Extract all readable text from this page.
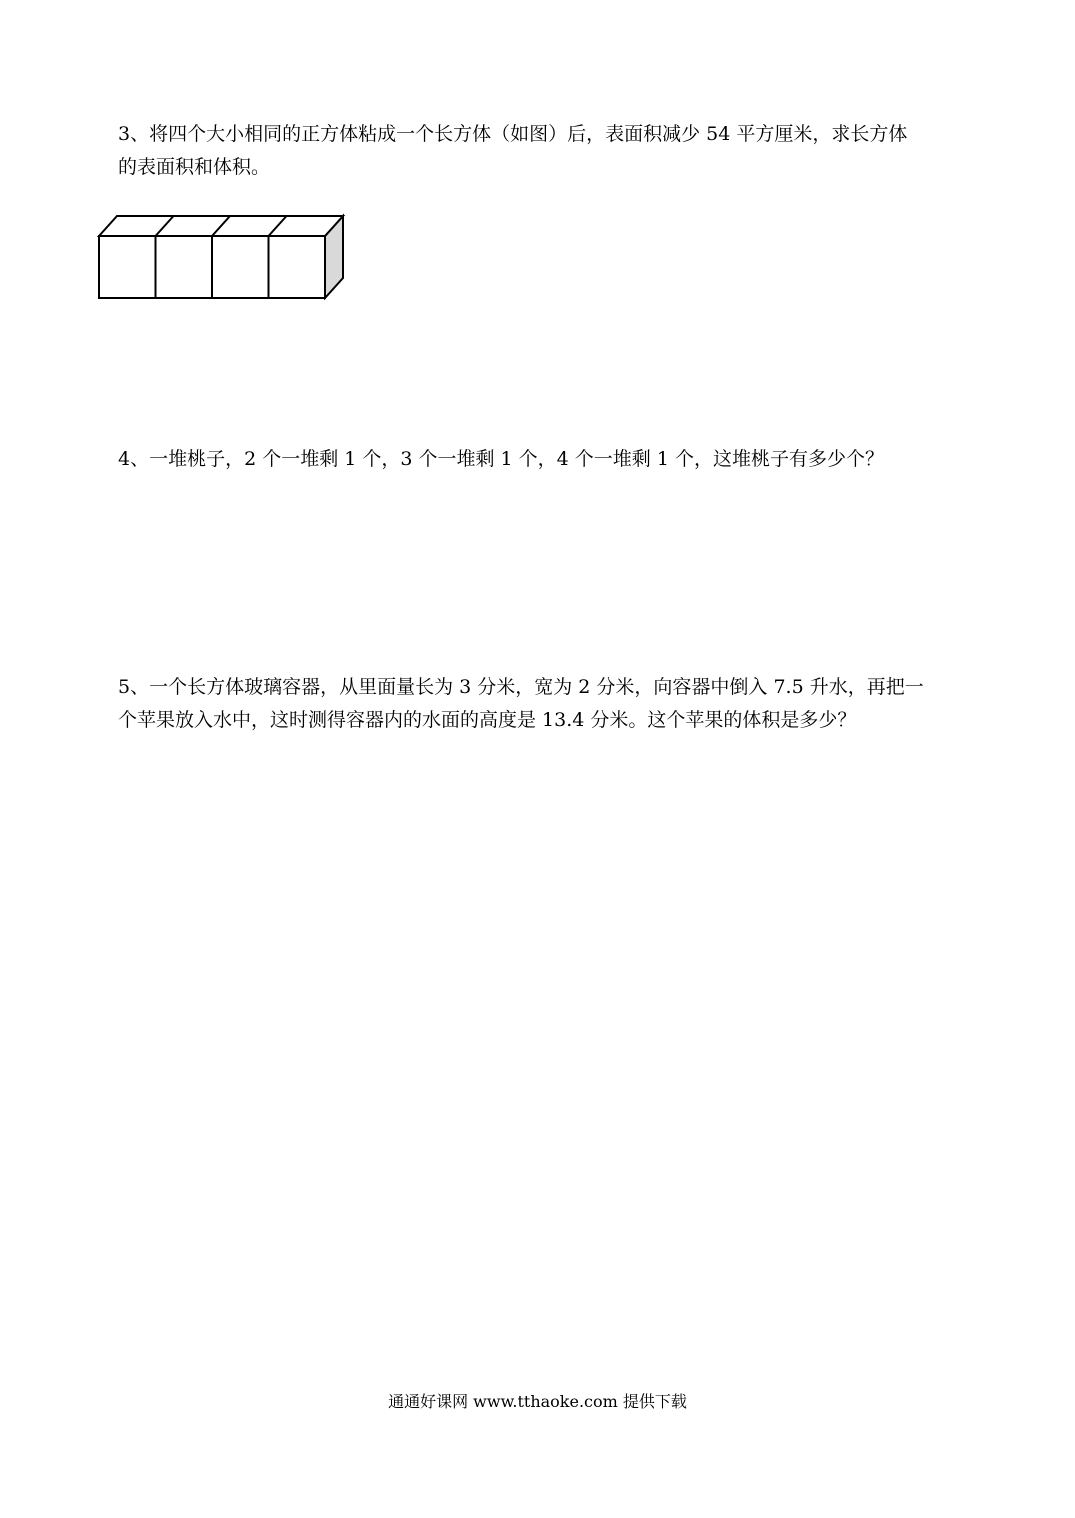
3、将四个大小相同的正方体粘成一个长方体（如图）后，表面积减少 54 平方厘米，求长方体
的表面积和体积。
4、一堆桃子，2 个一堆剩 1 个，3 个一堆剩 1 个，4 个一堆剩 1 个，这堆桃子有多少个？
5、一个长方体玻璃容器，从里面量长为 3 分米，宽为 2 分米，向容器中倒入 7.5 升水，再把一
个苹果放入水中，这时测得容器内的水面的高度是 13.4 分米。这个苹果的体积是多少？
通通好课网 www.tthaoke.com 提供下载
